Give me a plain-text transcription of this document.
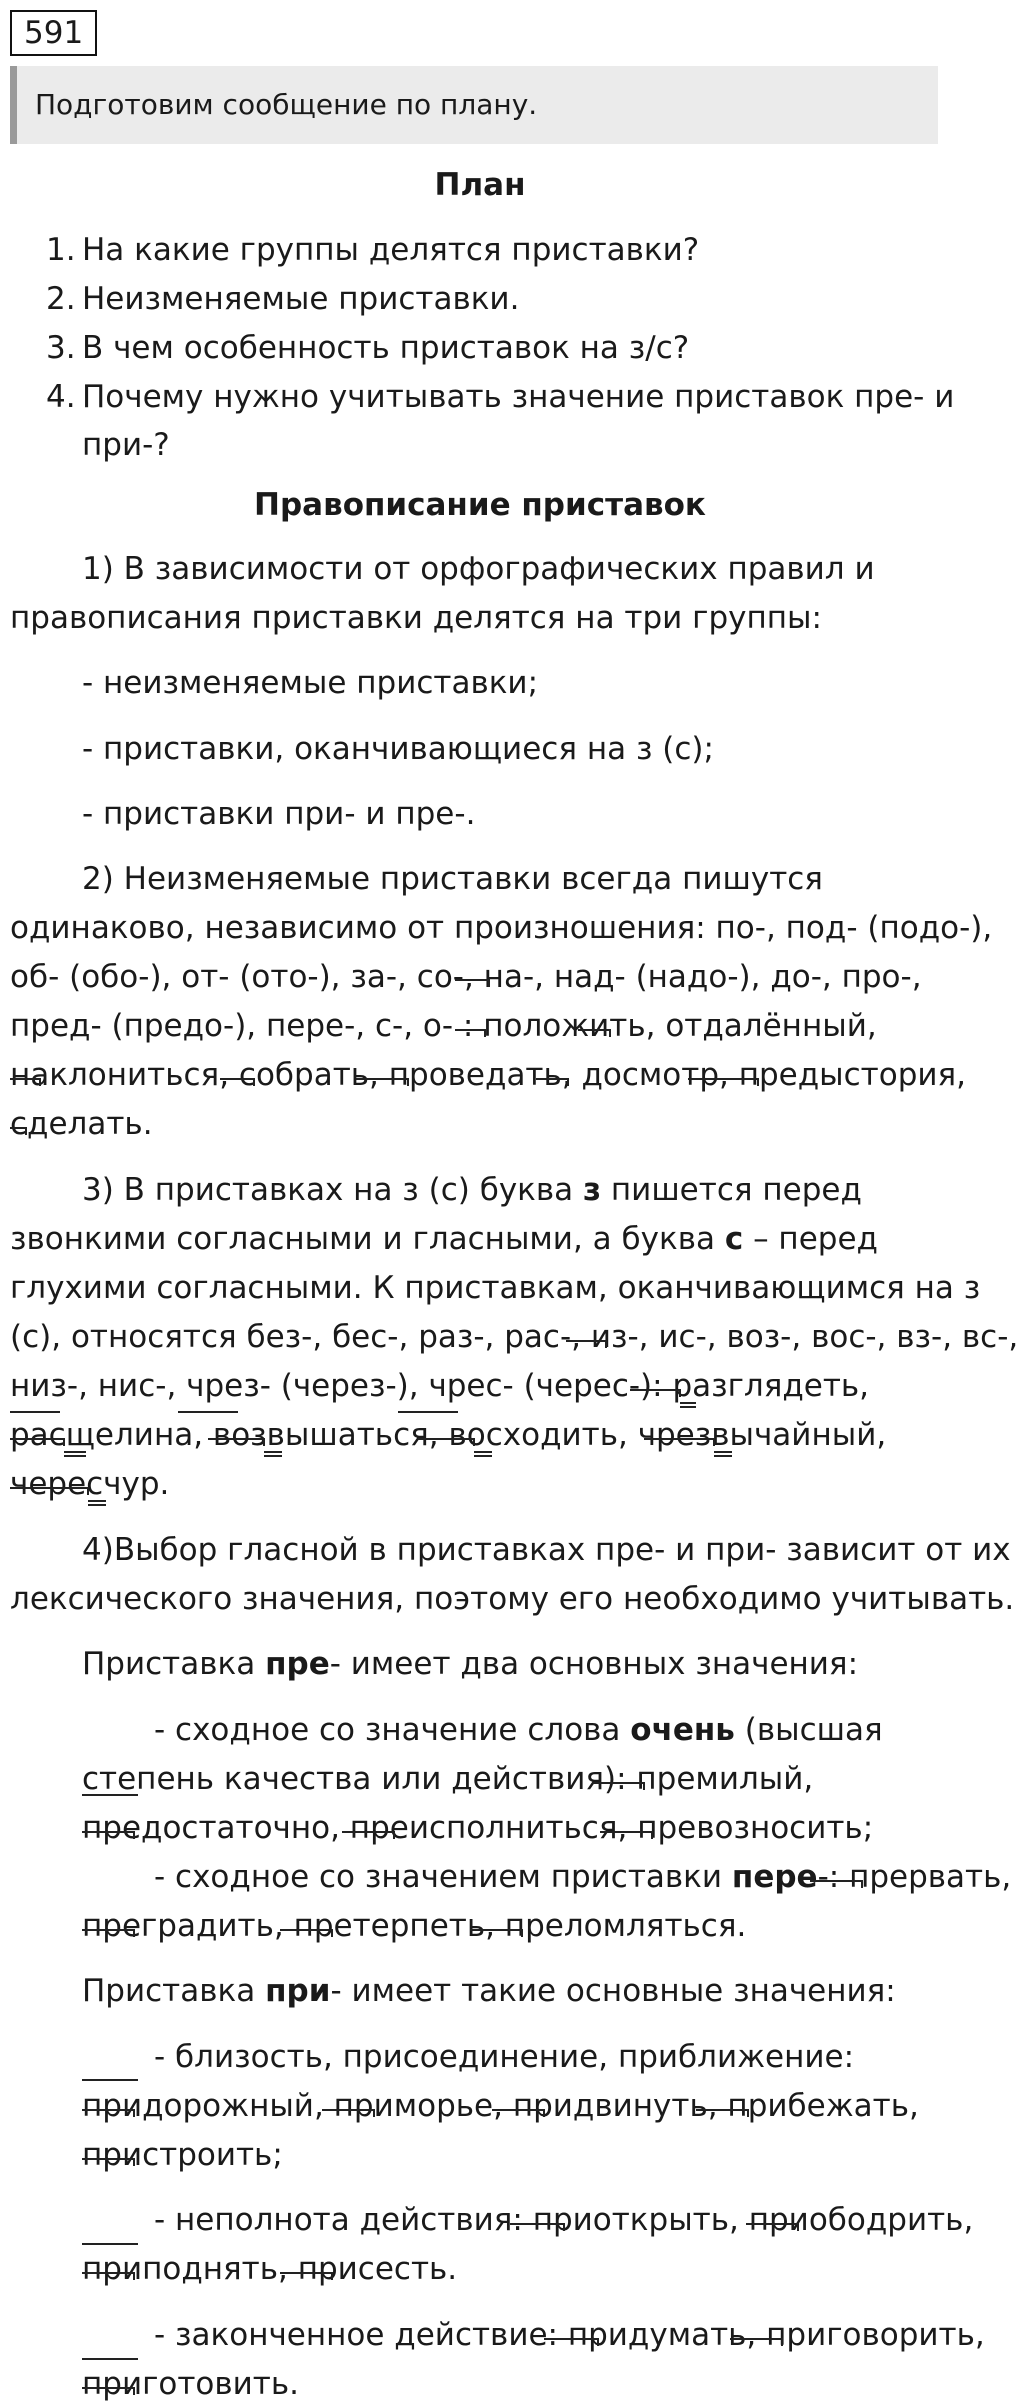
591
Подготовим сообщение по плану.
План
1. На какие группы делятся приставки?
2. Неизменяемые приставки.
3. В чем особенность приставок на з/с?
4. Почему нужно учитывать значение приставок пре- и
при-?
Правописание приставок
1) В зависимости от орфографических правил и
правописания приставки делятся на три группы:
- неизменяемые приставки;
- приставки, оканчивающиеся на з (с);
- приставки при- и пре-.
2) Неизменяемые приставки всегда пишутся
одинаково, независимо от произношения: по-, под- (подо-),
об- (обо-), от- (ото-), за-, со-, на-, над- (надо-), до-, про-,
пред- (предо-), пере-, с-, о- : положить, отдалённый,
наклониться, собрать, проведать, досмотр, предыстория,
сделать.
3) В приставках на з (с) буква з пишется перед
звонкими согласными и гласными, а буква с – перед
глухими согласными. К приставкам, оканчивающимся на з
(с), относятся без-, бес-, раз-, рас-, из-, ис-, воз-, вос-, вз-, вс-,
низ-, нис-, чрез- (через-), чрес- (черес-): разглядеть,
расщелина, возвышаться, восходить, чрезвычайный,
чересчур.
4)Выбор гласной в приставках пре- и при- зависит от их
лексического значения, поэтому его необходимо учитывать.
Приставка пре- имеет два основных значения:
- сходное со значение слова очень (высшая
степень качества или действия): премилый,
предостаточно, преисполниться, превозносить;
- сходное со значением приставки пере-: прервать,
преградить, претерпеть, преломляться.
Приставка при- имеет такие основные значения:
- близость, присоединение, приближение:
придорожный, приморье, придвинуть, прибежать,
пристроить;
- неполнота действия: приоткрыть, приободрить,
приподнять, присесть.
- законченное действие: придумать, приговорить,
приготовить.
